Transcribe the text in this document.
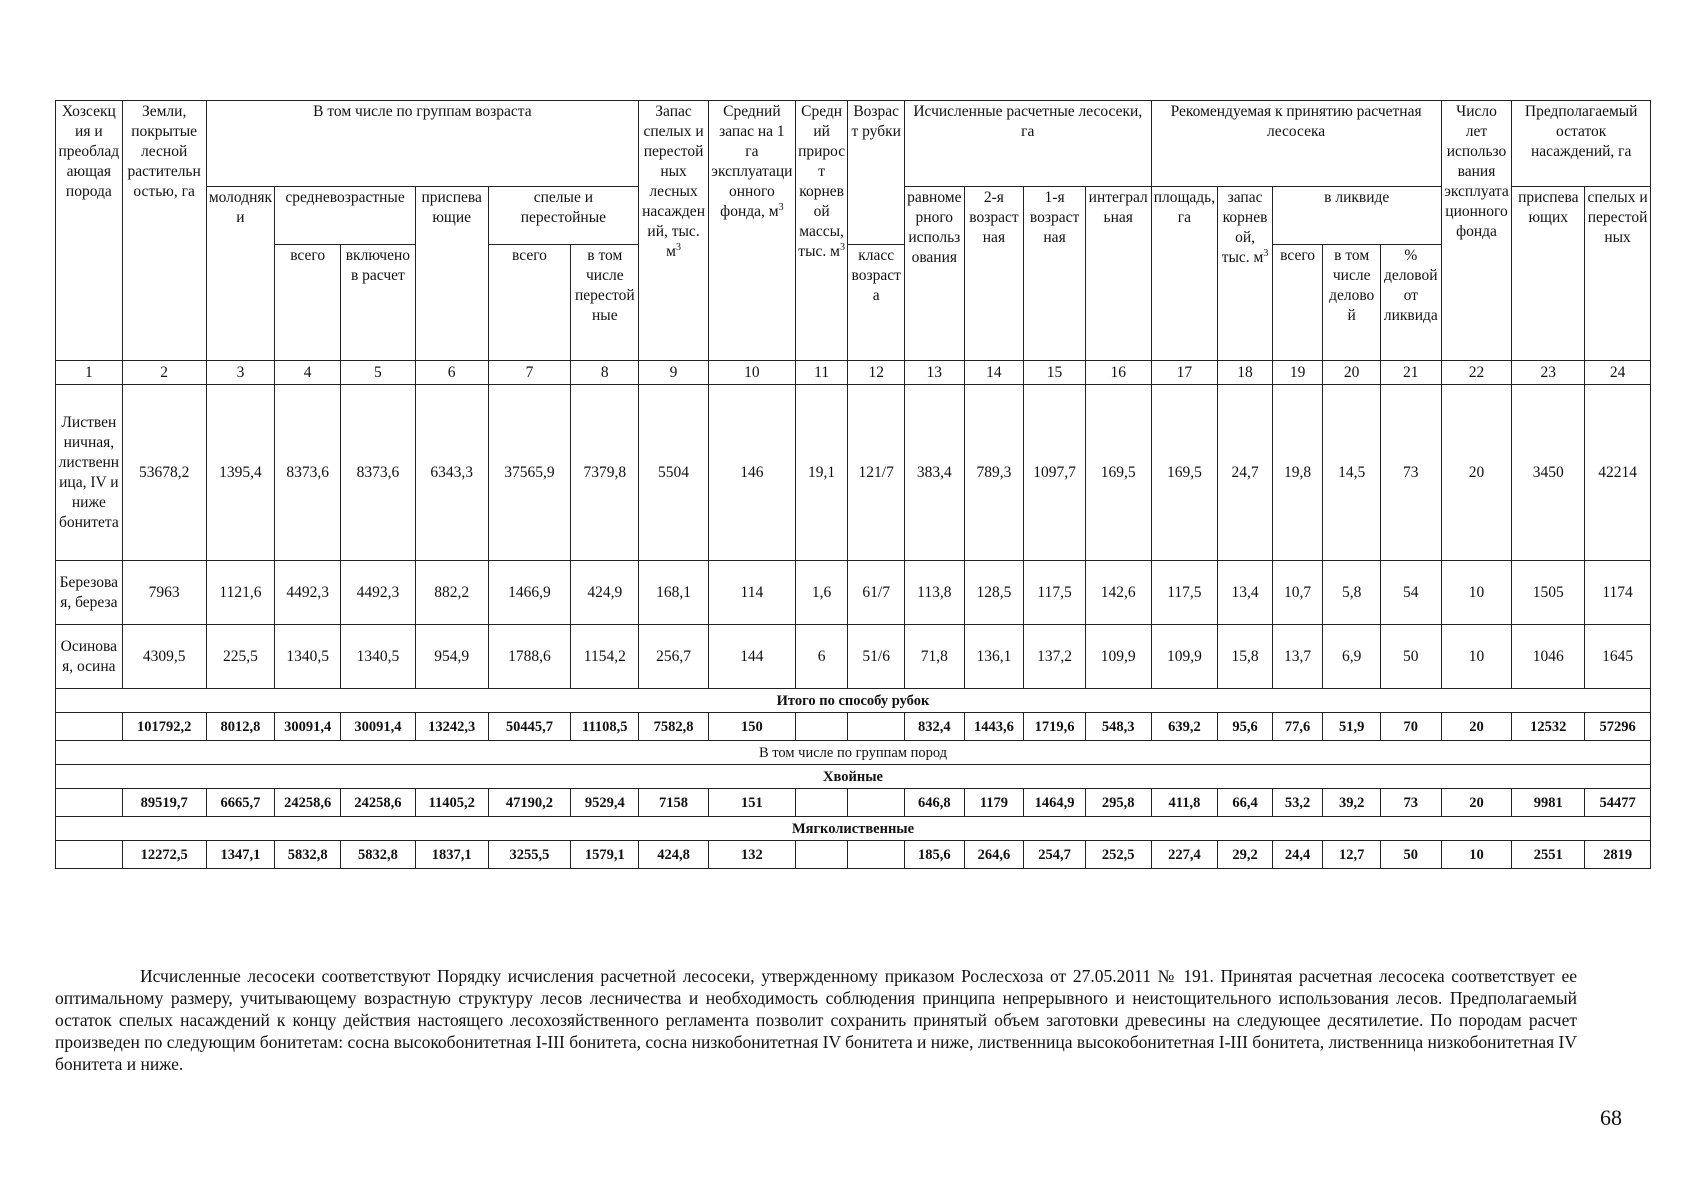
Хозсекция и преобладающая порода	Земли, покрытые лесной растительностью, га	В том числе по группам возраста						Запас спелых и перестойных лесных насаждений, тыс. $м^3$	Средний запас на 1 га эксплуатационного фонда, $м^3$	Средний прирост корневой массы, тыс. $м^3$	Возраст рубки	Исчисленные расчетные лесосеки, га				Рекомендуемая к принятию расчетная лесосека					Число лет использования эксплуатационного фонда	Предполагаемый остаток насаждений, га	
		молодняки	средневозрастные		приспевающие	спелые и перестойные						равномерного использования	2-я возрастная	1-я возрастная	интегральная	площадь, га	запас корневой, тыс. $м^3$	в ликвиде				приспевающих	спелых и перестойных
			всего	включено в расчет		всего	в том числе перестойные				класс возраста							всего	в том числе деловой	% деловой от ликвида			
1	2	3	4	5	6	7	8	9	10	11	12	13	14	15	16	17	18	19	20	21	22	23	24
Лиственничная, лиственница, IV и ниже бонитета	53678,2	1395,4	8373,6	8373,6	6343,3	37565,9	7379,8	5504	146	19,1	121/7	383,4	789,3	1097,7	169,5	169,5	24,7	19,8	14,5	73	20	3450	42214
Березовая, береза	7963	1121,6	4492,3	4492,3	882,2	1466,9	424,9	168,1	114	1,6	61/7	113,8	128,5	117,5	142,6	117,5	13,4	10,7	5,8	54	10	1505	1174
Осиновая, осина	4309,5	225,5	1340,5	1340,5	954,9	1788,6	1154,2	256,7	144	6	51/6	71,8	136,1	137,2	109,9	109,9	15,8	13,7	6,9	50	10	1046	1645
Итого по способу рубок																							
	101792,2	8012,8	30091,4	30091,4	13242,3	50445,7	11108,5	7582,8	150			832,4	1443,6	1719,6	548,3	639,2	95,6	77,6	51,9	70	20	12532	57296
В том числе по группам пород																							
Хвойные																							
	89519,7	6665,7	24258,6	24258,6	11405,2	47190,2	9529,4	7158	151			646,8	1179	1464,9	295,8	411,8	66,4	53,2	39,2	73	20	9981	54477
Мягколиственные																							
	12272,5	1347,1	5832,8	5832,8	1837,1	3255,5	1579,1	424,8	132			185,6	264,6	254,7	252,5	227,4	29,2	24,4	12,7	50	10	2551	2819

Исчисленные лесосеки соответствуют Порядку исчисления расчетной лесосеки, утвержденному приказом Рослесхоза от 27.05.2011 № 191. Принятая расчетная лесосека соответствует ее оптимальному размеру, учитывающему возрастную структуру лесов лесничества и необходимость соблюдения принципа непрерывного и неистощительного использования лесов. Предполагаемый остаток спелых насаждений к концу действия настоящего лесохозяйственного регламента позволит сохранить принятый объем заготовки древесины на следующее десятилетие. По породам расчет произведен по следующим бонитетам: сосна высокобонитетная I-III бонитета, сосна низкобонитетная IV бонитета и ниже, лиственница высокобонитетная I-III бонитета, лиственница низкобонитетная IV бонитета и ниже.

68
